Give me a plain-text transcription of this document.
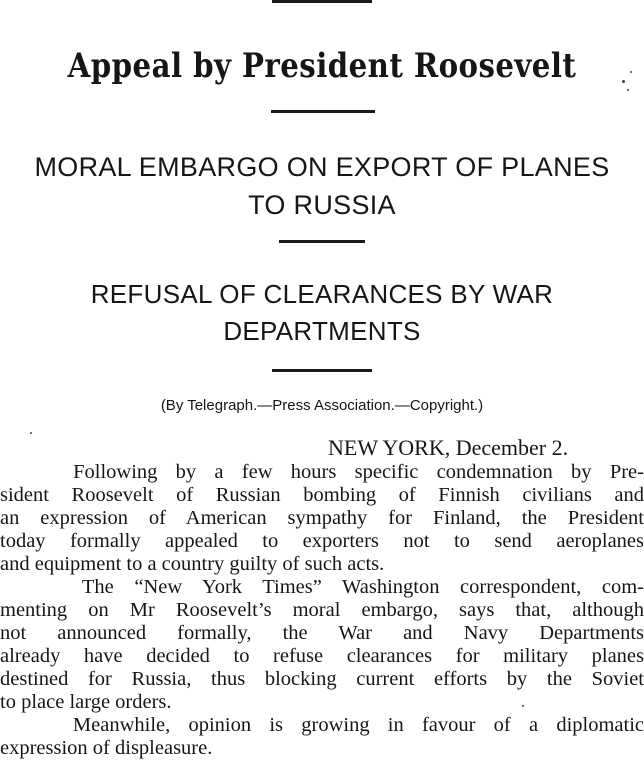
Appeal by President Roosevelt
MORAL EMBARGO ON EXPORT OF PLANES
TO RUSSIA
REFUSAL OF CLEARANCES BY WAR
DEPARTMENTS
(By Telegraph.—Press Association.—Copyright.)
NEW YORK, December 2.
Following by a few hours specific condemnation by Pre-
sident Roosevelt of Russian bombing of Finnish civilians and
an expression of American sympathy for Finland, the President
today formally appealed to exporters not to send aeroplanes
and equipment to a country guilty of such acts.
The “New York Times” Washington correspondent, com-
menting on Mr Roosevelt’s moral embargo, says that, although
not announced formally, the War and Navy Departments
already have decided to refuse clearances for military planes
destined for Russia, thus blocking current efforts by the Soviet
to place large orders.
Meanwhile, opinion is growing in favour of a diplomatic
expression of displeasure.
